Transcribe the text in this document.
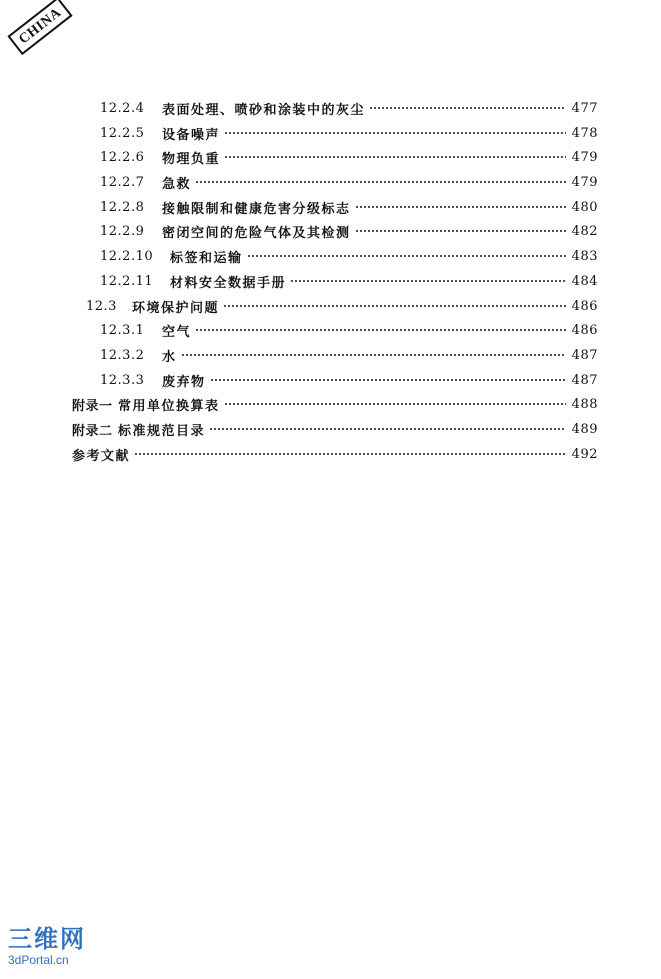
CHINA
12.2.4	表面处理、喷砂和涂装中的灰尘	477
12.2.5	设备噪声	478
12.2.6	物理负重	479
12.2.7	急救	479
12.2.8	接触限制和健康危害分级标志	480
12.2.9	密闭空间的危险气体及其检测	482
12.2.10	标签和运输	483
12.2.11	材料安全数据手册	484
12.3	环境保护问题	486
12.3.1	空气	486
12.3.2	水	487
12.3.3	废弃物	487
附录一 常用单位换算表	488
附录二 标准规范目录	489
参考文献	492
三维网
3dPortal.cn
